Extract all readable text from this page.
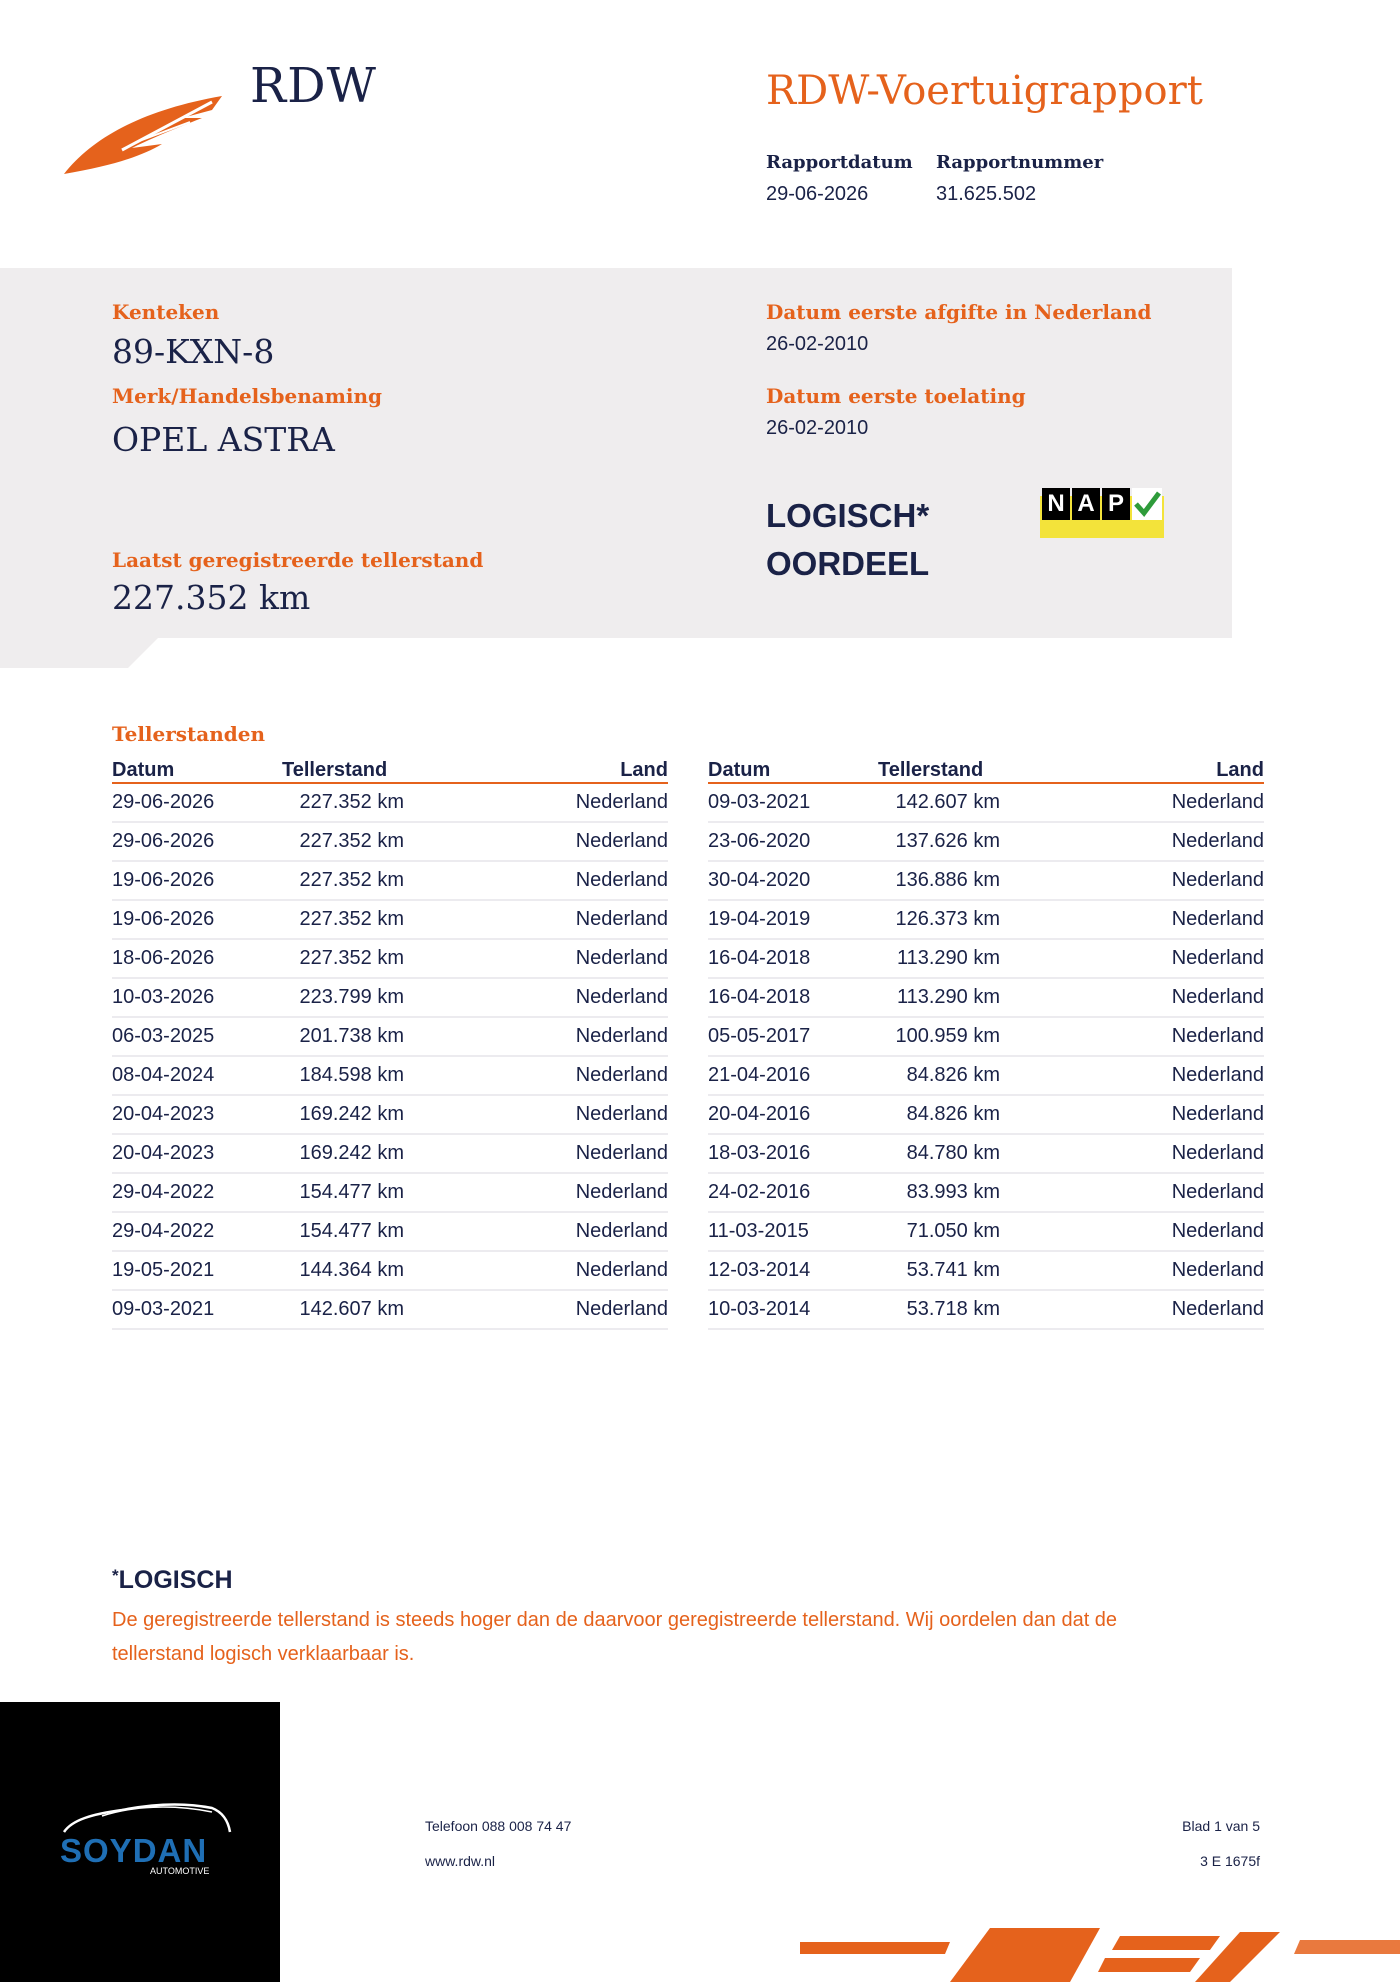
RDW	RDW-Voertuigrapport
Rapportdatum
29-06-2026
Rapportnummer
31.625.502
Kenteken
89-KXN-8
Merk/Handelsbenaming
OPEL ASTRA
Laatst geregistreerde tellerstand
227.352 km
Datum eerste afgifte in Nederland
26-02-2010
Datum eerste toelating
26-02-2010
LOGISCH*
OORDEEL
N A P
Tellerstanden
Datum	Tellerstand	Land
29-06-2026	227.352 km	Nederland
29-06-2026	227.352 km	Nederland
19-06-2026	227.352 km	Nederland
19-06-2026	227.352 km	Nederland
18-06-2026	227.352 km	Nederland
10-03-2026	223.799 km	Nederland
06-03-2025	201.738 km	Nederland
08-04-2024	184.598 km	Nederland
20-04-2023	169.242 km	Nederland
20-04-2023	169.242 km	Nederland
29-04-2022	154.477 km	Nederland
29-04-2022	154.477 km	Nederland
19-05-2021	144.364 km	Nederland
09-03-2021	142.607 km	Nederland
Datum	Tellerstand	Land
09-03-2021	142.607 km	Nederland
23-06-2020	137.626 km	Nederland
30-04-2020	136.886 km	Nederland
19-04-2019	126.373 km	Nederland
16-04-2018	113.290 km	Nederland
16-04-2018	113.290 km	Nederland
05-05-2017	100.959 km	Nederland
21-04-2016	84.826 km	Nederland
20-04-2016	84.826 km	Nederland
18-03-2016	84.780 km	Nederland
24-02-2016	83.993 km	Nederland
11-03-2015	71.050 km	Nederland
12-03-2014	53.741 km	Nederland
10-03-2014	53.718 km	Nederland
*LOGISCH
De geregistreerde tellerstand is steeds hoger dan de daarvoor geregistreerde tellerstand. Wij oordelen dan dat de tellerstand logisch verklaarbaar is.
SOYDAN
AUTOMOTIVE
Telefoon 088 008 74 47
www.rdw.nl
Blad 1 van 5
3 E 1675f
